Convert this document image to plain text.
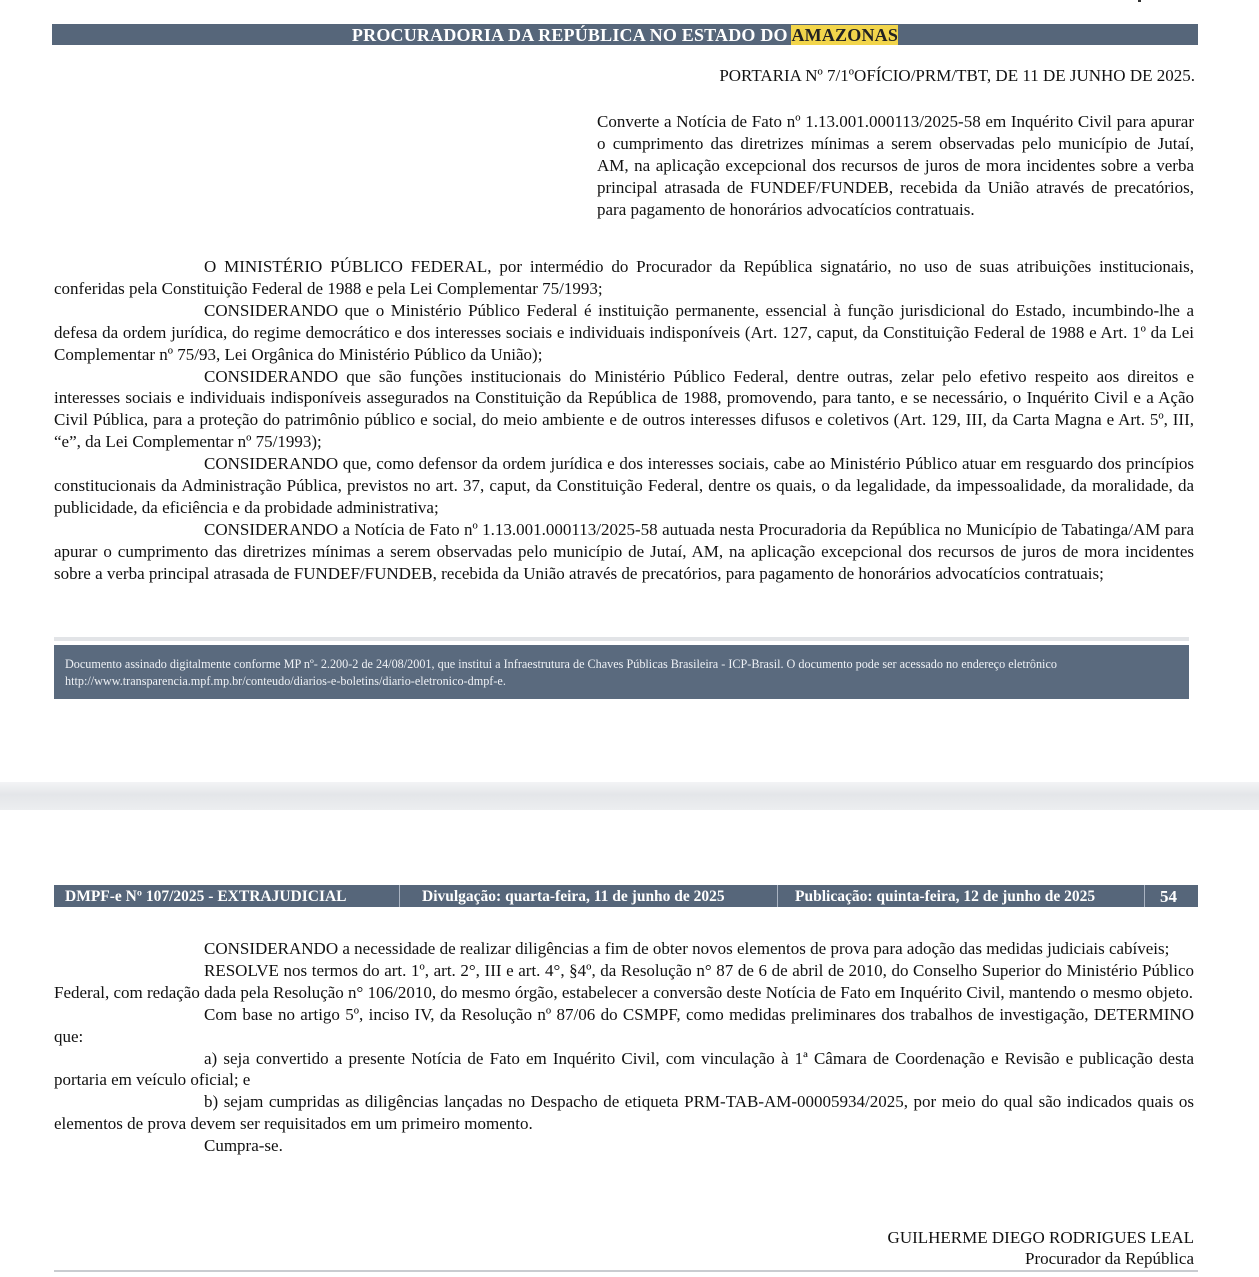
PROCURADORIA DA REPÚBLICA NO ESTADO DO AMAZONAS
PORTARIA Nº 7/1ºOFÍCIO/PRM/TBT, DE 11 DE JUNHO DE 2025.
Converte a Notícia de Fato nº 1.13.001.000113/2025-58 em Inquérito Civil para apurar o cumprimento das diretrizes mínimas a serem observadas pelo município de Jutaí, AM, na aplicação excepcional dos recursos de juros de mora incidentes sobre a verba principal atrasada de FUNDEF/FUNDEB, recebida da União através de precatórios, para pagamento de honorários advocatícios contratuais.

O MINISTÉRIO PÚBLICO FEDERAL, por intermédio do Procurador da República signatário, no uso de suas atribuições institucionais, conferidas pela Constituição Federal de 1988 e pela Lei Complementar 75/1993;

CONSIDERANDO que o Ministério Público Federal é instituição permanente, essencial à função jurisdicional do Estado, incumbindo-lhe a defesa da ordem jurídica, do regime democrático e dos interesses sociais e individuais indisponíveis (Art. 127, caput, da Constituição Federal de 1988 e Art. 1º da Lei Complementar nº 75/93, Lei Orgânica do Ministério Público da União);

CONSIDERANDO que são funções institucionais do Ministério Público Federal, dentre outras, zelar pelo efetivo respeito aos direitos e interesses sociais e individuais indisponíveis assegurados na Constituição da República de 1988, promovendo, para tanto, e se necessário, o Inquérito Civil e a Ação Civil Pública, para a proteção do patrimônio público e social, do meio ambiente e de outros interesses difusos e coletivos (Art. 129, III, da Carta Magna e Art. 5º, III, “e”, da Lei Complementar nº 75/1993);

CONSIDERANDO que, como defensor da ordem jurídica e dos interesses sociais, cabe ao Ministério Público atuar em resguardo dos princípios constitucionais da Administração Pública, previstos no art. 37, caput, da Constituição Federal, dentre os quais, o da legalidade, da impessoalidade, da moralidade, da publicidade, da eficiência e da probidade administrativa;

CONSIDERANDO a Notícia de Fato nº 1.13.001.000113/2025-58 autuada nesta Procuradoria da República no Município de Tabatinga/AM para apurar o cumprimento das diretrizes mínimas a serem observadas pelo município de Jutaí, AM, na aplicação excepcional dos recursos de juros de mora incidentes sobre a verba principal atrasada de FUNDEF/FUNDEB, recebida da União através de precatórios, para pagamento de honorários advocatícios contratuais;

Documento assinado digitalmente conforme MP nº- 2.200-2 de 24/08/2001, que institui a Infraestrutura de Chaves Públicas Brasileira - ICP-Brasil. O documento pode ser acessado no endereço eletrônico http://www.transparencia.mpf.mp.br/conteudo/diarios-e-boletins/diario-eletronico-dmpf-e.
DMPF-e Nº 107/2025 - EXTRAJUDICIAL	Divulgação: quarta-feira, 11 de junho de 2025	Publicação: quinta-feira, 12 de junho de 2025	54

CONSIDERANDO a necessidade de realizar diligências a fim de obter novos elementos de prova para adoção das medidas judiciais cabíveis;

RESOLVE nos termos do art. 1º, art. 2°, III e art. 4°, §4º, da Resolução n° 87 de 6 de abril de 2010, do Conselho Superior do Ministério Público Federal, com redação dada pela Resolução n° 106/2010, do mesmo órgão, estabelecer a conversão deste Notícia de Fato em Inquérito Civil, mantendo o mesmo objeto.

Com base no artigo 5º, inciso IV, da Resolução nº 87/06 do CSMPF, como medidas preliminares dos trabalhos de investigação, DETERMINO que:

a) seja convertido a presente Notícia de Fato em Inquérito Civil, com vinculação à 1ª Câmara de Coordenação e Revisão e publicação desta portaria em veículo oficial; e

b) sejam cumpridas as diligências lançadas no Despacho de etiqueta PRM-TAB-AM-00005934/2025, por meio do qual são indicados quais os elementos de prova devem ser requisitados em um primeiro momento.

Cumpra-se.

GUILHERME DIEGO RODRIGUES LEAL
Procurador da República
